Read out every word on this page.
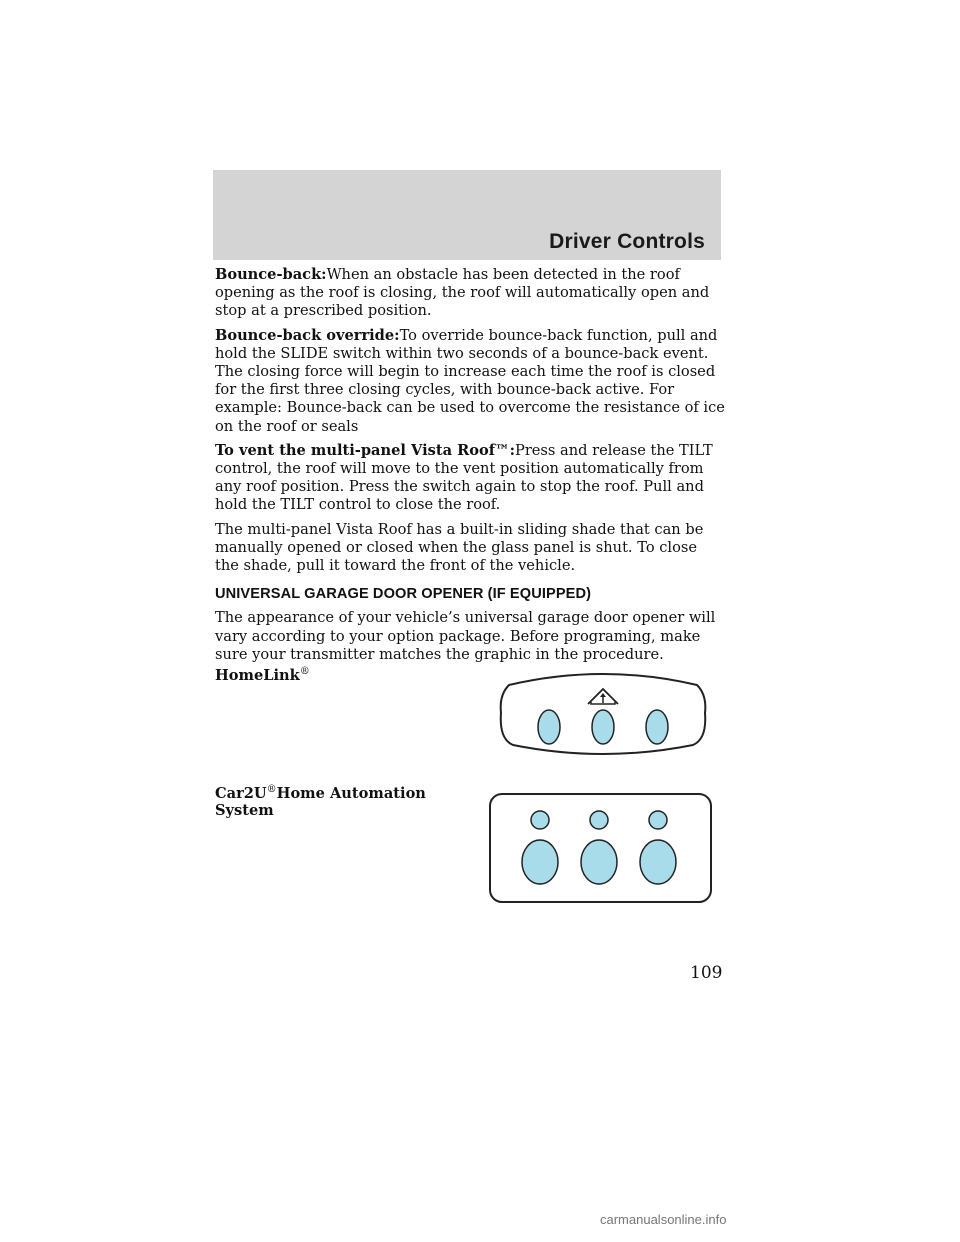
Driver Controls

Bounce-back:When an obstacle has been detected in the roof opening as the roof is closing, the roof will automatically open and stop at a prescribed position.

Bounce-back override:To override bounce-back function, pull and hold the SLIDE switch within two seconds of a bounce-back event. The closing force will begin to increase each time the roof is closed for the first three closing cycles, with bounce-back active. For example: Bounce-back can be used to overcome the resistance of ice on the roof or seals

To vent the multi-panel Vista Roof™:Press and release the TILT control, the roof will move to the vent position automatically from any roof position. Press the switch again to stop the roof. Pull and hold the TILT control to close the roof.

The multi-panel Vista Roof has a built-in sliding shade that can be manually opened or closed when the glass panel is shut. To close the shade, pull it toward the front of the vehicle.

UNIVERSAL GARAGE DOOR OPENER (IF EQUIPPED)

The appearance of your vehicle’s universal garage door opener will vary according to your option package. Before programing, make sure your transmitter matches the graphic in the procedure.

HomeLink®
Car2U®Home Automation System
109
carmanualsonline.info
